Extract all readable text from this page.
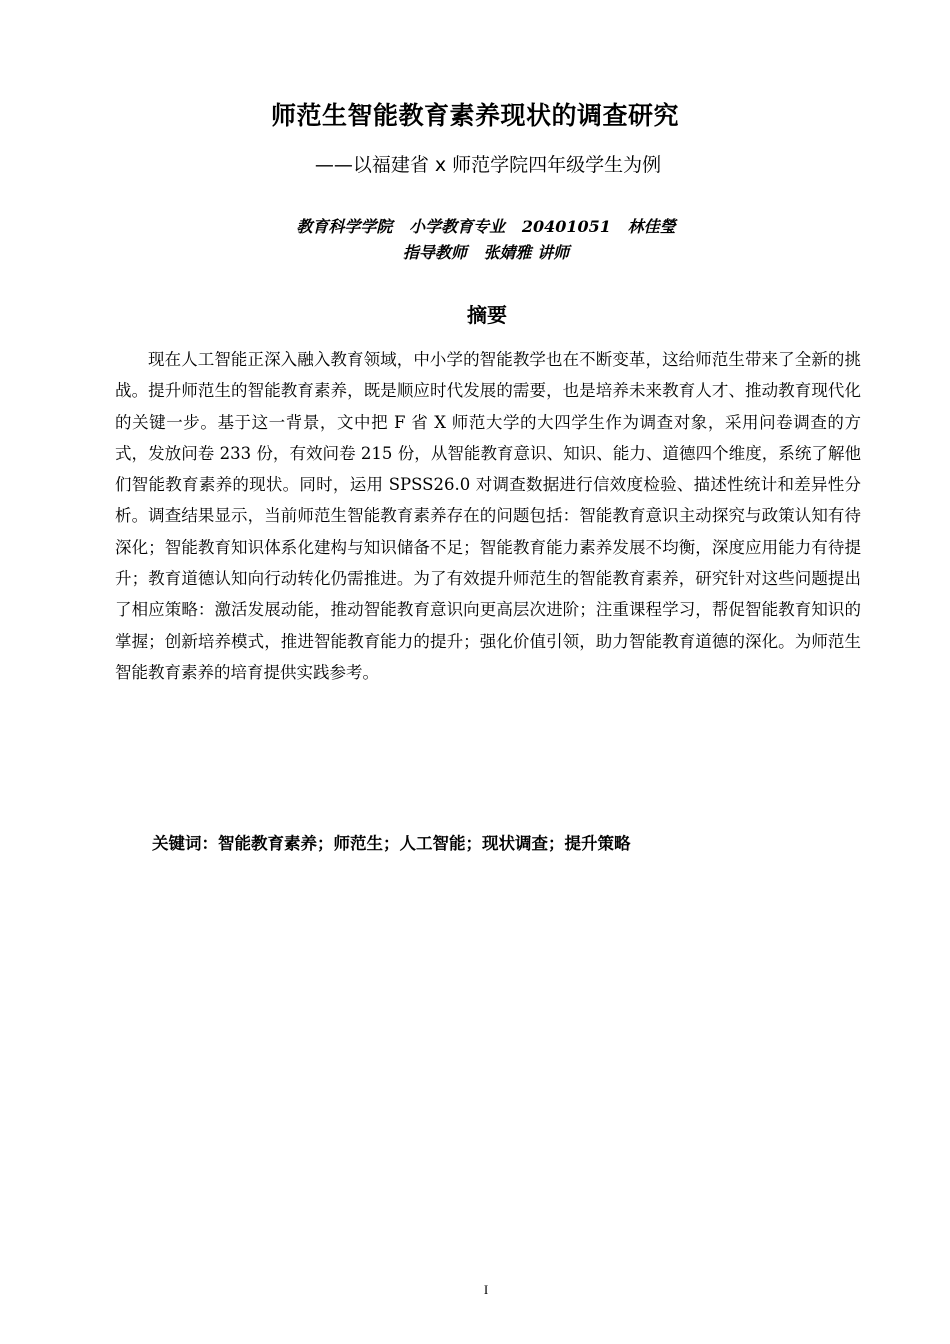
师范生智能教育素养现状的调查研究
——以福建省 x 师范学院四年级学生为例
教育科学学院   小学教育专业   20401051   林佳瑩
指导教师   张婧雅 讲师
摘要

现在人工智能正深入融入教育领域，中小学的智能教学也在不断变革，这给师范生带来了全新的挑战。提升师范生的智能教育素养，既是顺应时代发展的需要，也是培养未来教育人才、推动教育现代化的关键一步。基于这一背景，文中把 F 省 X 师范大学的大四学生作为调查对象，采用问卷调查的方式，发放问卷 233 份，有效问卷 215 份，从智能教育意识、知识、能力、道德四个维度，系统了解他们智能教育素养的现状。同时，运用 SPSS26.0 对调查数据进行信效度检验、描述性统计和差异性分析。调查结果显示，当前师范生智能教育素养存在的问题包括：智能教育意识主动探究与政策认知有待深化；智能教育知识体系化建构与知识储备不足；智能教育能力素养发展不均衡，深度应用能力有待提升；教育道德认知向行动转化仍需推进。为了有效提升师范生的智能教育素养，研究针对这些问题提出了相应策略：激活发展动能，推动智能教育意识向更高层次进阶；注重课程学习，帮促智能教育知识的掌握；创新培养模式，推进智能教育能力的提升；强化价值引领，助力智能教育道德的深化。为师范生智能教育素养的培育提供实践参考。

关键词：智能教育素养；师范生；人工智能；现状调查；提升策略
I
